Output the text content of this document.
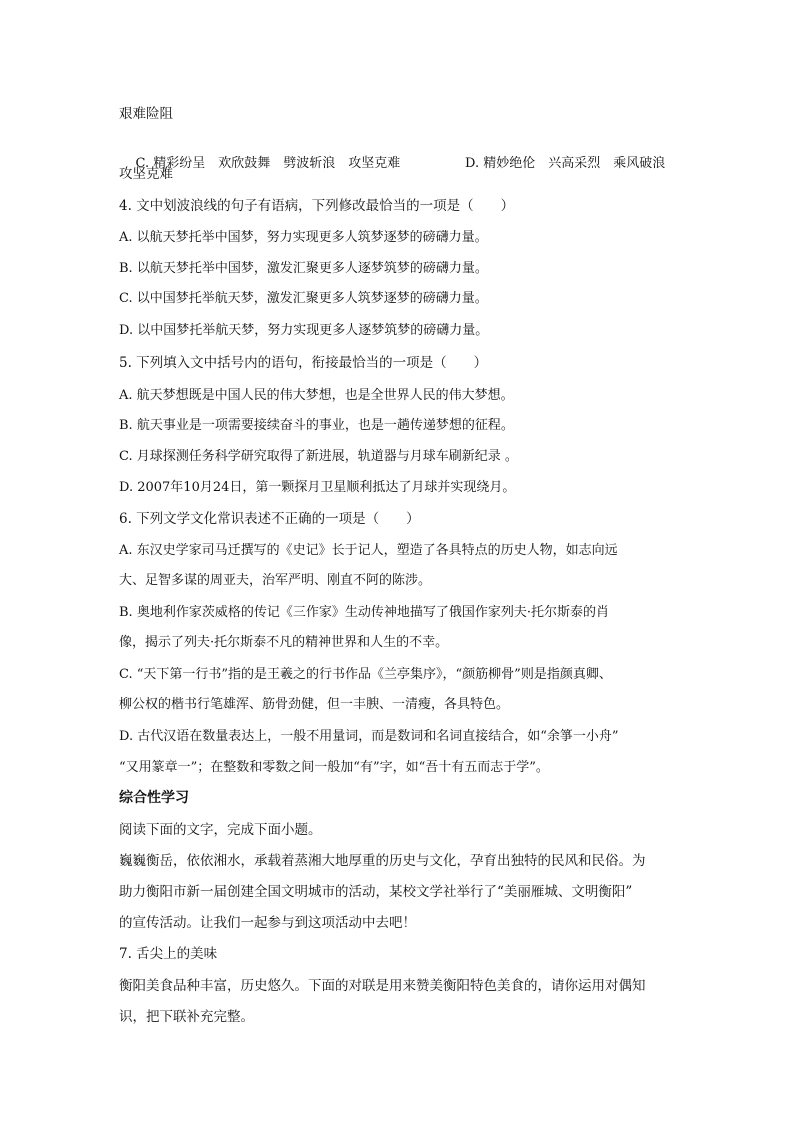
艰难险阻

C. 精彩纷呈　欢欣鼓舞　劈波斩浪　攻坚克难	D. 精妙绝伦　兴高采烈　乘风破浪

攻坚克难
4. 文中划波浪线的句子有语病，下列修改最恰当的一项是（　　）
A. 以航天梦托举中国梦，努力实现更多人筑梦逐梦的磅礴力量。
B. 以航天梦托举中国梦，激发汇聚更多人逐梦筑梦的磅礴力量。
C. 以中国梦托举航天梦，激发汇聚更多人筑梦逐梦的磅礴力量。
D. 以中国梦托举航天梦，努力实现更多人逐梦筑梦的磅礴力量。
5. 下列填入文中括号内的语句，衔接最恰当的一项是（　　）
A. 航天梦想既是中国人民的伟大梦想，也是全世界人民的伟大梦想。
B. 航天事业是一项需要接续奋斗的事业，也是一趟传递梦想的征程。
C. 月球探测任务科学研究取得了新进展，轨道器与月球车刷新纪录 。
D. 2007年10月24日，第一颗探月卫星顺利抵达了月球并实现绕月。
6. 下列文学文化常识表述不正确的一项是（　　）
A. 东汉史学家司马迁撰写的《史记》长于记人，塑造了各具特点的历史人物，如志向远
大、足智多谋的周亚夫，治军严明、刚直不阿的陈涉。
B. 奥地利作家茨威格的传记《三作家》生动传神地描写了俄国作家列夫·托尔斯泰的肖
像，揭示了列夫·托尔斯泰不凡的精神世界和人生的不幸。
C. “天下第一行书”指的是王羲之的行书作品《兰亭集序》，“颜筋柳骨”则是指颜真卿、
柳公权的楷书行笔雄浑、筋骨劲健，但一丰腴、一清瘦，各具特色。
D. 古代汉语在数量表达上，一般不用量词，而是数词和名词直接结合，如“余箏一小舟”
“又用篆章一”；在整数和零数之间一般加“有”字，如“吾十有五而志于学”。
综合性学习
阅读下面的文字，完成下面小题。
巍巍衡岳，依依湘水，承载着蒸湘大地厚重的历史与文化，孕育出独特的民风和民俗。为
助力衡阳市新一届创建全国文明城市的活动，某校文学社举行了“美丽雁城、文明衡阳”
的宣传活动。让我们一起参与到这项活动中去吧！
7. 舌尖上的美味
衡阳美食品种丰富，历史悠久。下面的对联是用来赞美衡阳特色美食的，请你运用对偶知
识，把下联补充完整。
